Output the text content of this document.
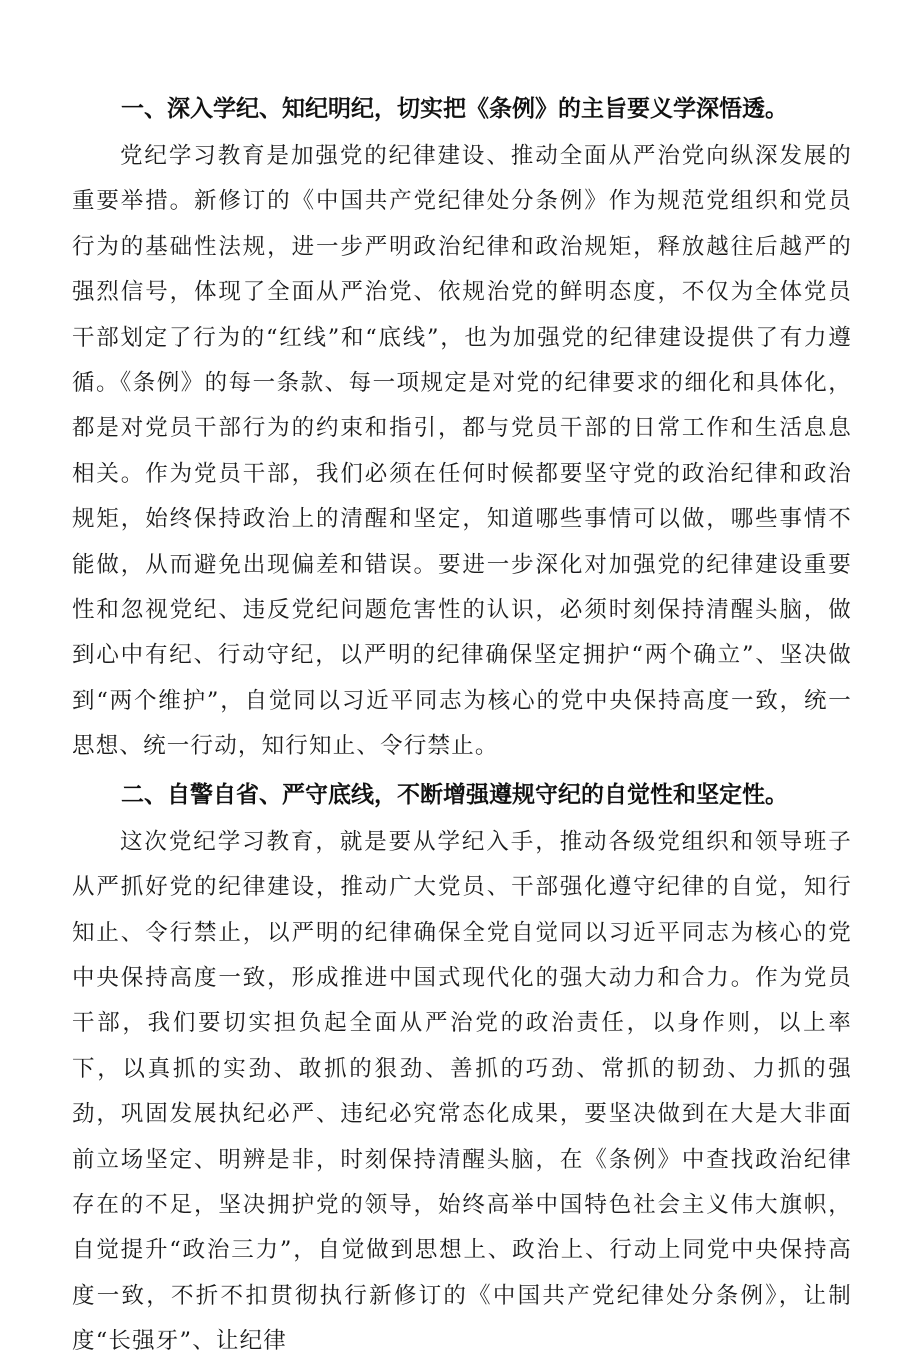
一、深入学纪、知纪明纪，切实把《条例》的主旨要义学深悟透。

党纪学习教育是加强党的纪律建设、推动全面从严治党向纵深发展的重要举措。新修订的《中国共产党纪律处分条例》作为规范党组织和党员行为的基础性法规，进一步严明政治纪律和政治规矩，释放越往后越严的强烈信号，体现了全面从严治党、依规治党的鲜明态度，不仅为全体党员干部划定了行为的“红线”和“底线”，也为加强党的纪律建设提供了有力遵循。《条例》的每一条款、每一项规定是对党的纪律要求的细化和具体化，都是对党员干部行为的约束和指引，都与党员干部的日常工作和生活息息相关。作为党员干部，我们必须在任何时候都要坚守党的政治纪律和政治规矩，始终保持政治上的清醒和坚定，知道哪些事情可以做，哪些事情不能做，从而避免出现偏差和错误。要进一步深化对加强党的纪律建设重要性和忽视党纪、违反党纪问题危害性的认识，必须时刻保持清醒头脑，做到心中有纪、行动守纪，以严明的纪律确保坚定拥护“两个确立”、坚决做到“两个维护”，自觉同以习近平同志为核心的党中央保持高度一致，统一思想、统一行动，知行知止、令行禁止。

二、自警自省、严守底线，不断增强遵规守纪的自觉性和坚定性。

这次党纪学习教育，就是要从学纪入手，推动各级党组织和领导班子从严抓好党的纪律建设，推动广大党员、干部强化遵守纪律的自觉，知行知止、令行禁止，以严明的纪律确保全党自觉同以习近平同志为核心的党中央保持高度一致，形成推进中国式现代化的强大动力和合力。作为党员干部，我们要切实担负起全面从严治党的政治责任，以身作则，以上率下，以真抓的实劲、敢抓的狠劲、善抓的巧劲、常抓的韧劲、力抓的强劲，巩固发展执纪必严、违纪必究常态化成果，要坚决做到在大是大非面前立场坚定、明辨是非，时刻保持清醒头脑，在《条例》中查找政治纪律存在的不足，坚决拥护党的领导，始终高举中国特色社会主义伟大旗帜，自觉提升“政治三力”，自觉做到思想上、政治上、行动上同党中央保持高度一致，不折不扣贯彻执行新修订的《中国共产党纪律处分条例》，让制度“长强牙”、让纪律
